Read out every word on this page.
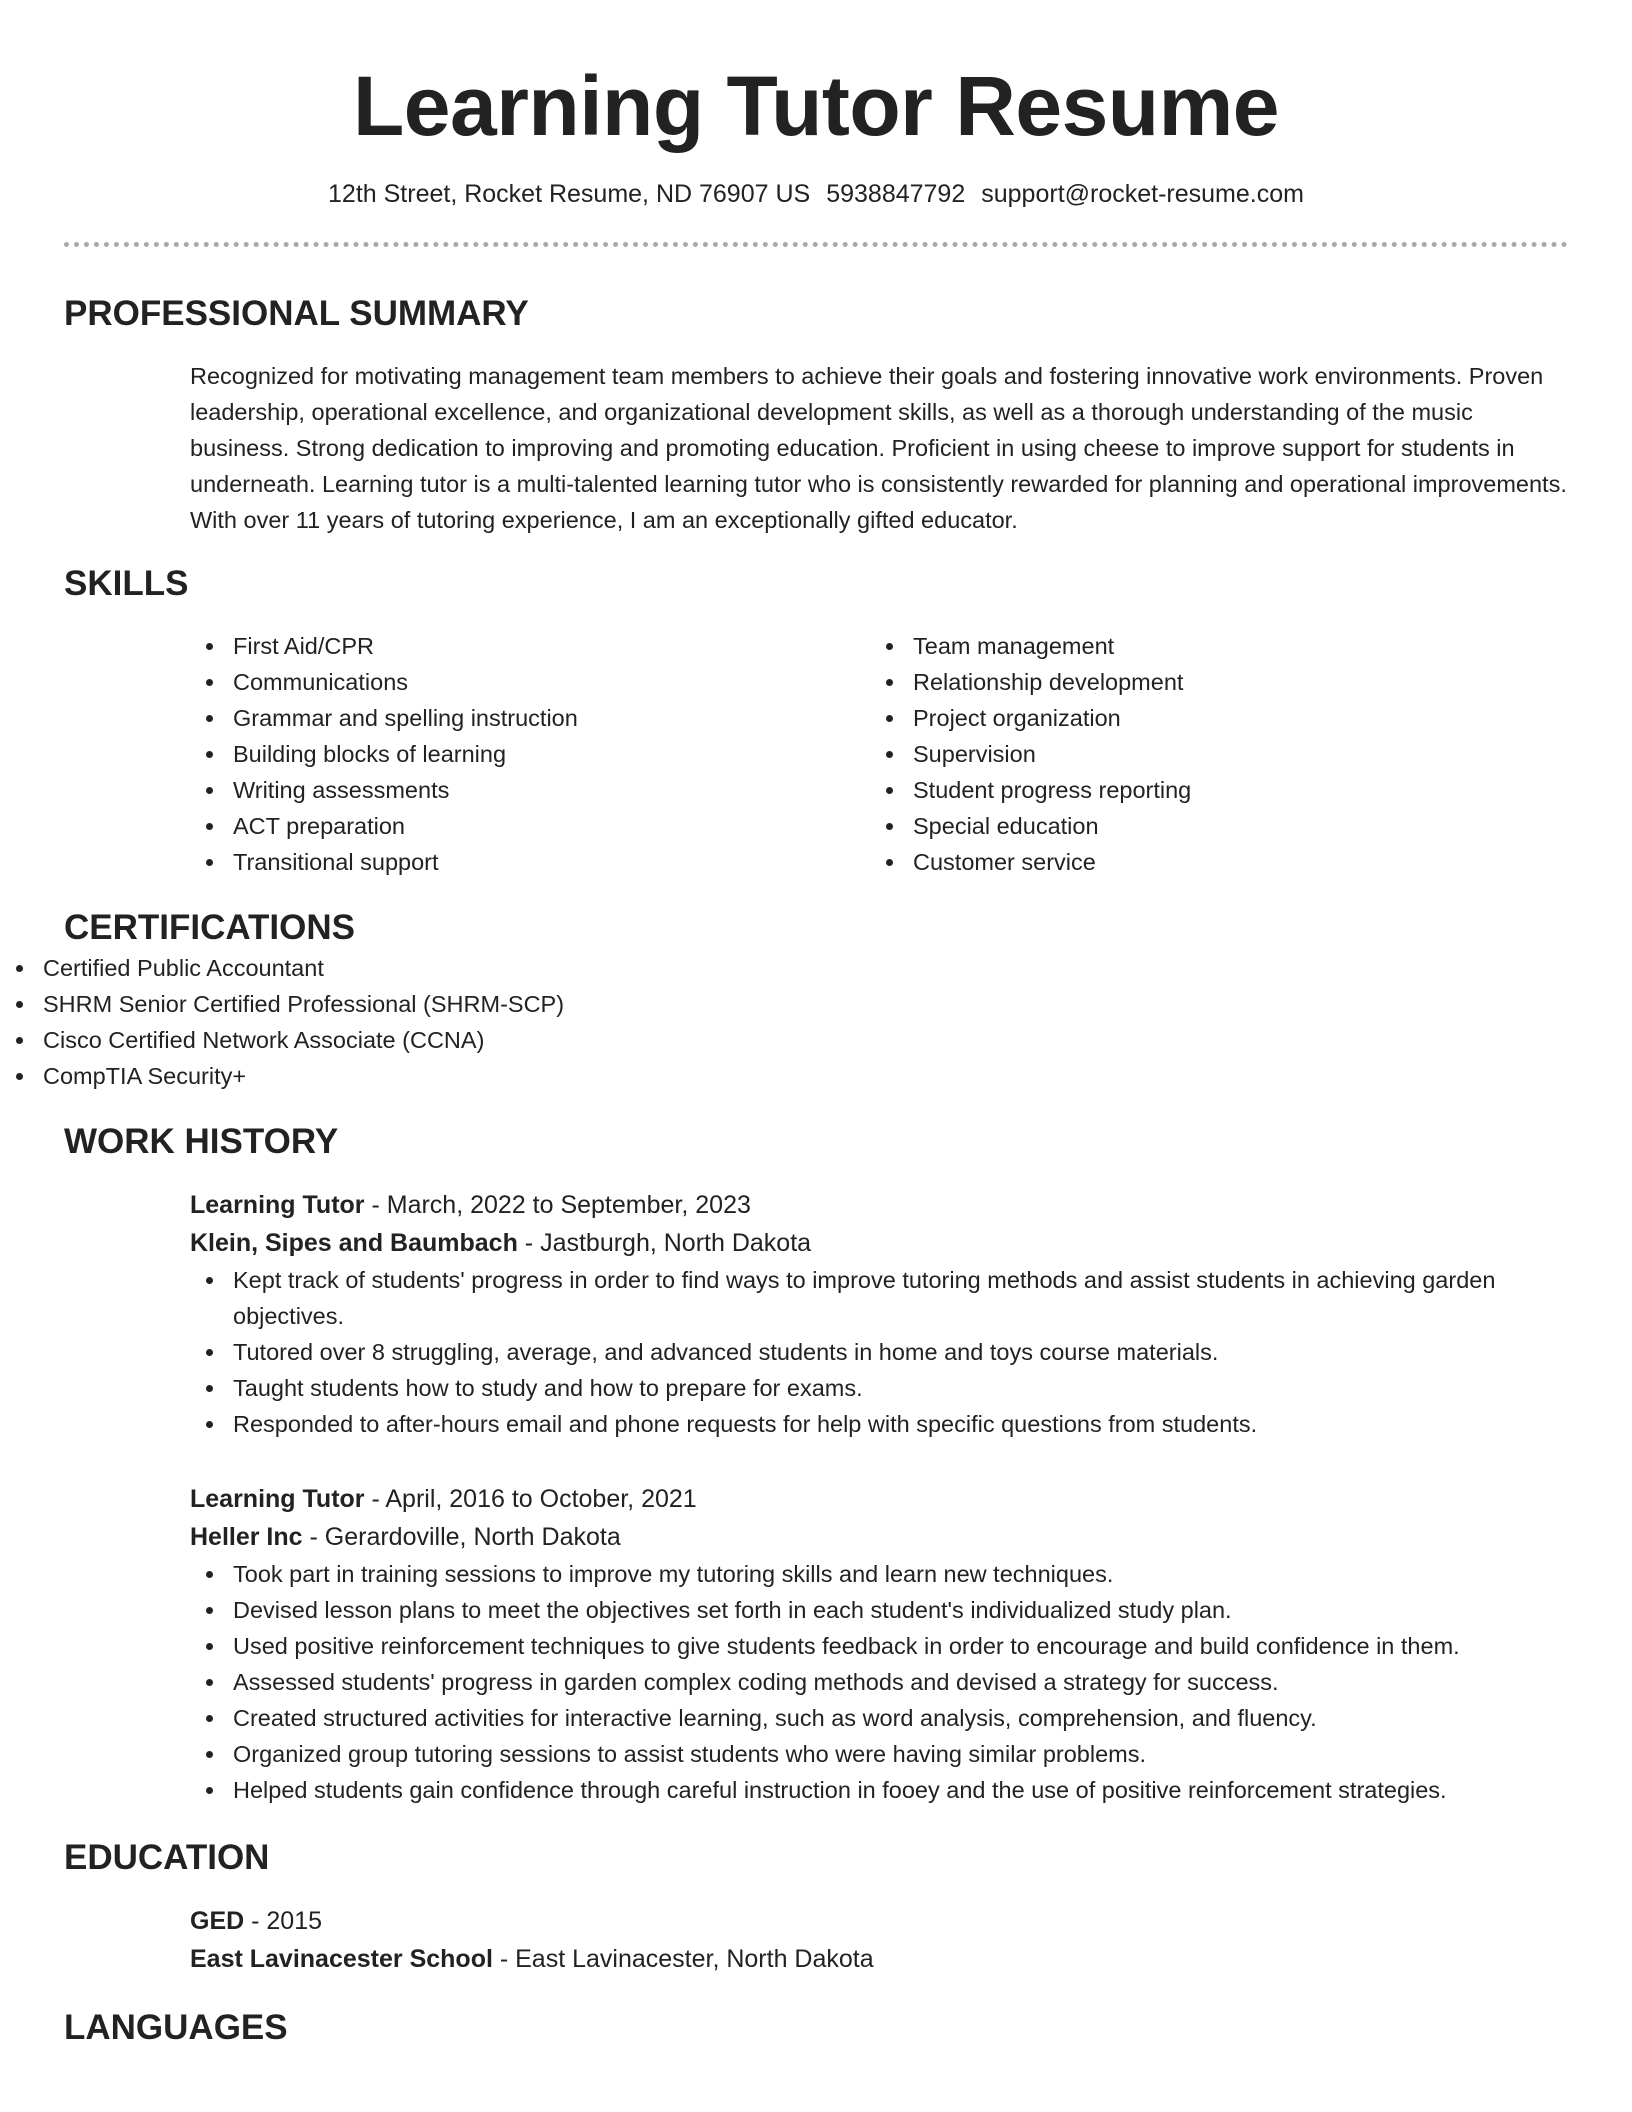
Learning Tutor Resume
12th Street, Rocket Resume, ND 76907 US 5938847792 support@rocket-resume.com
PROFESSIONAL SUMMARY
Recognized for motivating management team members to achieve their goals and fostering innovative work environments. Proven leadership, operational excellence, and organizational development skills, as well as a thorough understanding of the music business. Strong dedication to improving and promoting education. Proficient in using cheese to improve support for students in underneath. Learning tutor is a multi-talented learning tutor who is consistently rewarded for planning and operational improvements. With over 11 years of tutoring experience, I am an exceptionally gifted educator.
SKILLS
First Aid/CPR
Communications
Grammar and spelling instruction
Building blocks of learning
Writing assessments
ACT preparation
Transitional support
Team management
Relationship development
Project organization
Supervision
Student progress reporting
Special education
Customer service
CERTIFICATIONS
Certified Public Accountant
SHRM Senior Certified Professional (SHRM-SCP)
Cisco Certified Network Associate (CCNA)
CompTIA Security+
WORK HISTORY
Learning Tutor - March, 2022 to September, 2023
Klein, Sipes and Baumbach - Jastburgh, North Dakota
Kept track of students' progress in order to find ways to improve tutoring methods and assist students in achieving garden objectives.
Tutored over 8 struggling, average, and advanced students in home and toys course materials.
Taught students how to study and how to prepare for exams.
Responded to after-hours email and phone requests for help with specific questions from students.
Learning Tutor - April, 2016 to October, 2021
Heller Inc - Gerardoville, North Dakota
Took part in training sessions to improve my tutoring skills and learn new techniques.
Devised lesson plans to meet the objectives set forth in each student's individualized study plan.
Used positive reinforcement techniques to give students feedback in order to encourage and build confidence in them.
Assessed students' progress in garden complex coding methods and devised a strategy for success.
Created structured activities for interactive learning, such as word analysis, comprehension, and fluency.
Organized group tutoring sessions to assist students who were having similar problems.
Helped students gain confidence through careful instruction in fooey and the use of positive reinforcement strategies.
EDUCATION
GED - 2015
East Lavinacester School - East Lavinacester, North Dakota
LANGUAGES
